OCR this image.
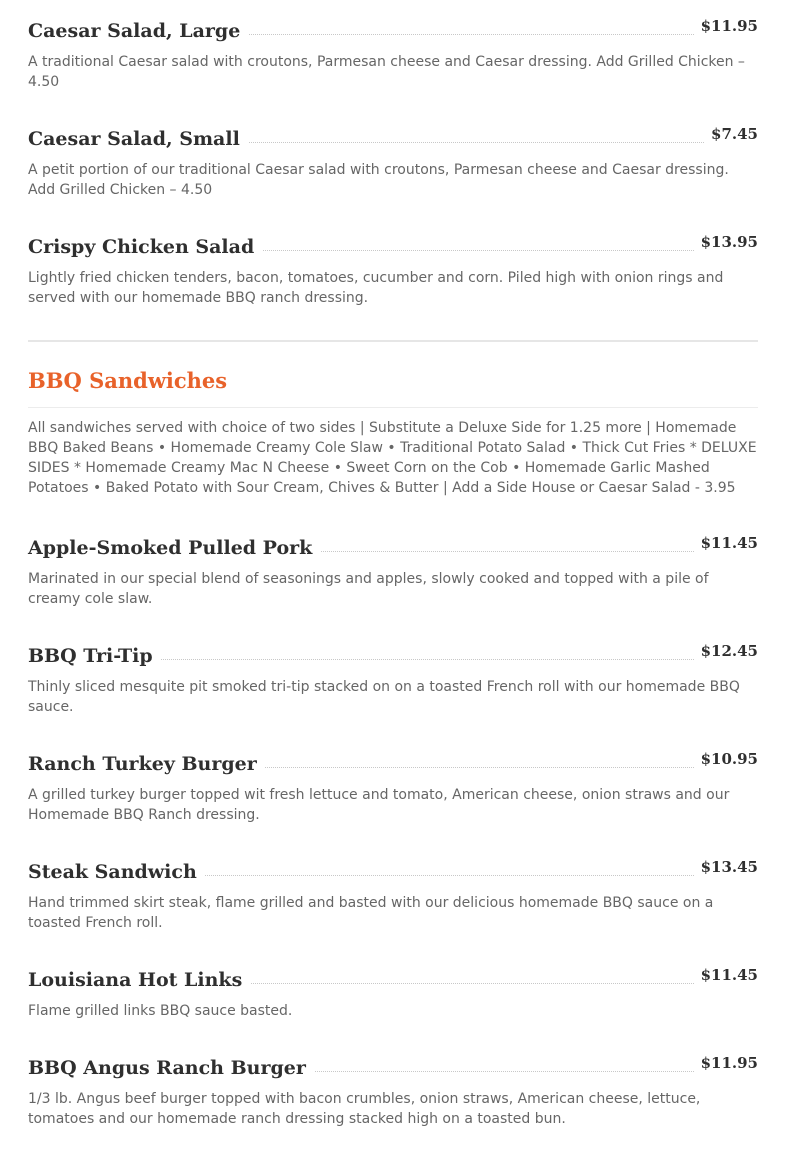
Caesar Salad, Large	$11.95

A traditional Caesar salad with croutons, Parmesan cheese and Caesar dressing. Add Grilled Chicken – 4.50

Caesar Salad, Small	$7.45

A petit portion of our traditional Caesar salad with croutons, Parmesan cheese and Caesar dressing. Add Grilled Chicken – 4.50

Crispy Chicken Salad	$13.95

Lightly fried chicken tenders, bacon, tomatoes, cucumber and corn. Piled high with onion rings and served with our homemade BBQ ranch dressing.

BBQ Sandwiches

All sandwiches served with choice of two sides | Substitute a Deluxe Side for 1.25 more | Homemade BBQ Baked Beans • Homemade Creamy Cole Slaw • Traditional Potato Salad • Thick Cut Fries * DELUXE SIDES * Homemade Creamy Mac N Cheese • Sweet Corn on the Cob • Homemade Garlic Mashed Potatoes • Baked Potato with Sour Cream, Chives & Butter | Add a Side House or Caesar Salad - 3.95

Apple-Smoked Pulled Pork	$11.45

Marinated in our special blend of seasonings and apples, slowly cooked and topped with a pile of creamy cole slaw.

BBQ Tri-Tip	$12.45

Thinly sliced mesquite pit smoked tri-tip stacked on on a toasted French roll with our homemade BBQ sauce.

Ranch Turkey Burger	$10.95

A grilled turkey burger topped wit fresh lettuce and tomato, American cheese, onion straws and our Homemade BBQ Ranch dressing.

Steak Sandwich	$13.45

Hand trimmed skirt steak, flame grilled and basted with our delicious homemade BBQ sauce on a toasted French roll.

Louisiana Hot Links	$11.45

Flame grilled links BBQ sauce basted.

BBQ Angus Ranch Burger	$11.95

1/3 lb. Angus beef burger topped with bacon crumbles, onion straws, American cheese, lettuce, tomatoes and our homemade ranch dressing stacked high on a toasted bun.
